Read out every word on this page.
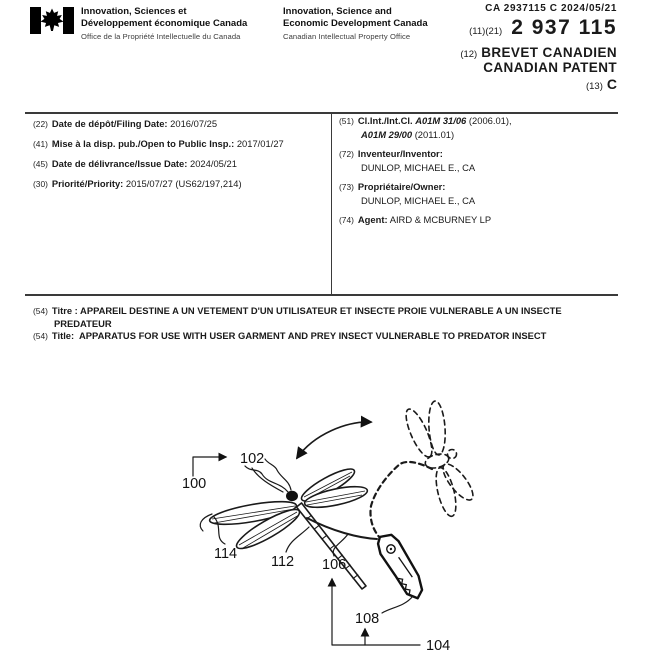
Innovation, Sciences et
Développement économique Canada
Office de la Propriété Intellectuelle du Canada
Innovation, Science and
Economic Development Canada
Canadian Intellectual Property Office
CA 2937115 C 2024/05/21
(11)(21) 2 937 115
(12) BREVET CANADIEN
CANADIAN PATENT
(13) C
(22) Date de dépôt/Filing Date: 2016/07/25
(41) Mise à la disp. pub./Open to Public Insp.: 2017/01/27
(45) Date de délivrance/Issue Date: 2024/05/21
(30) Priorité/Priority: 2015/07/27 (US62/197,214)
(51) Cl.Int./Int.Cl. A01M 31/06 (2006.01),
A01M 29/00 (2011.01)
(72) Inventeur/Inventor:
DUNLOP, MICHAEL E., CA
(73) Propriétaire/Owner:
DUNLOP, MICHAEL E., CA
(74) Agent: AIRD & MCBURNEY LP
(54) Titre : APPAREIL DESTINE A UN VETEMENT D'UN UTILISATEUR ET INSECTE PROIE VULNERABLE A UN INSECTE
PREDATEUR
(54) Title: APPARATUS FOR USE WITH USER GARMENT AND PREY INSECT VULNERABLE TO PREDATOR INSECT
100
102
114 112 106
108
104
